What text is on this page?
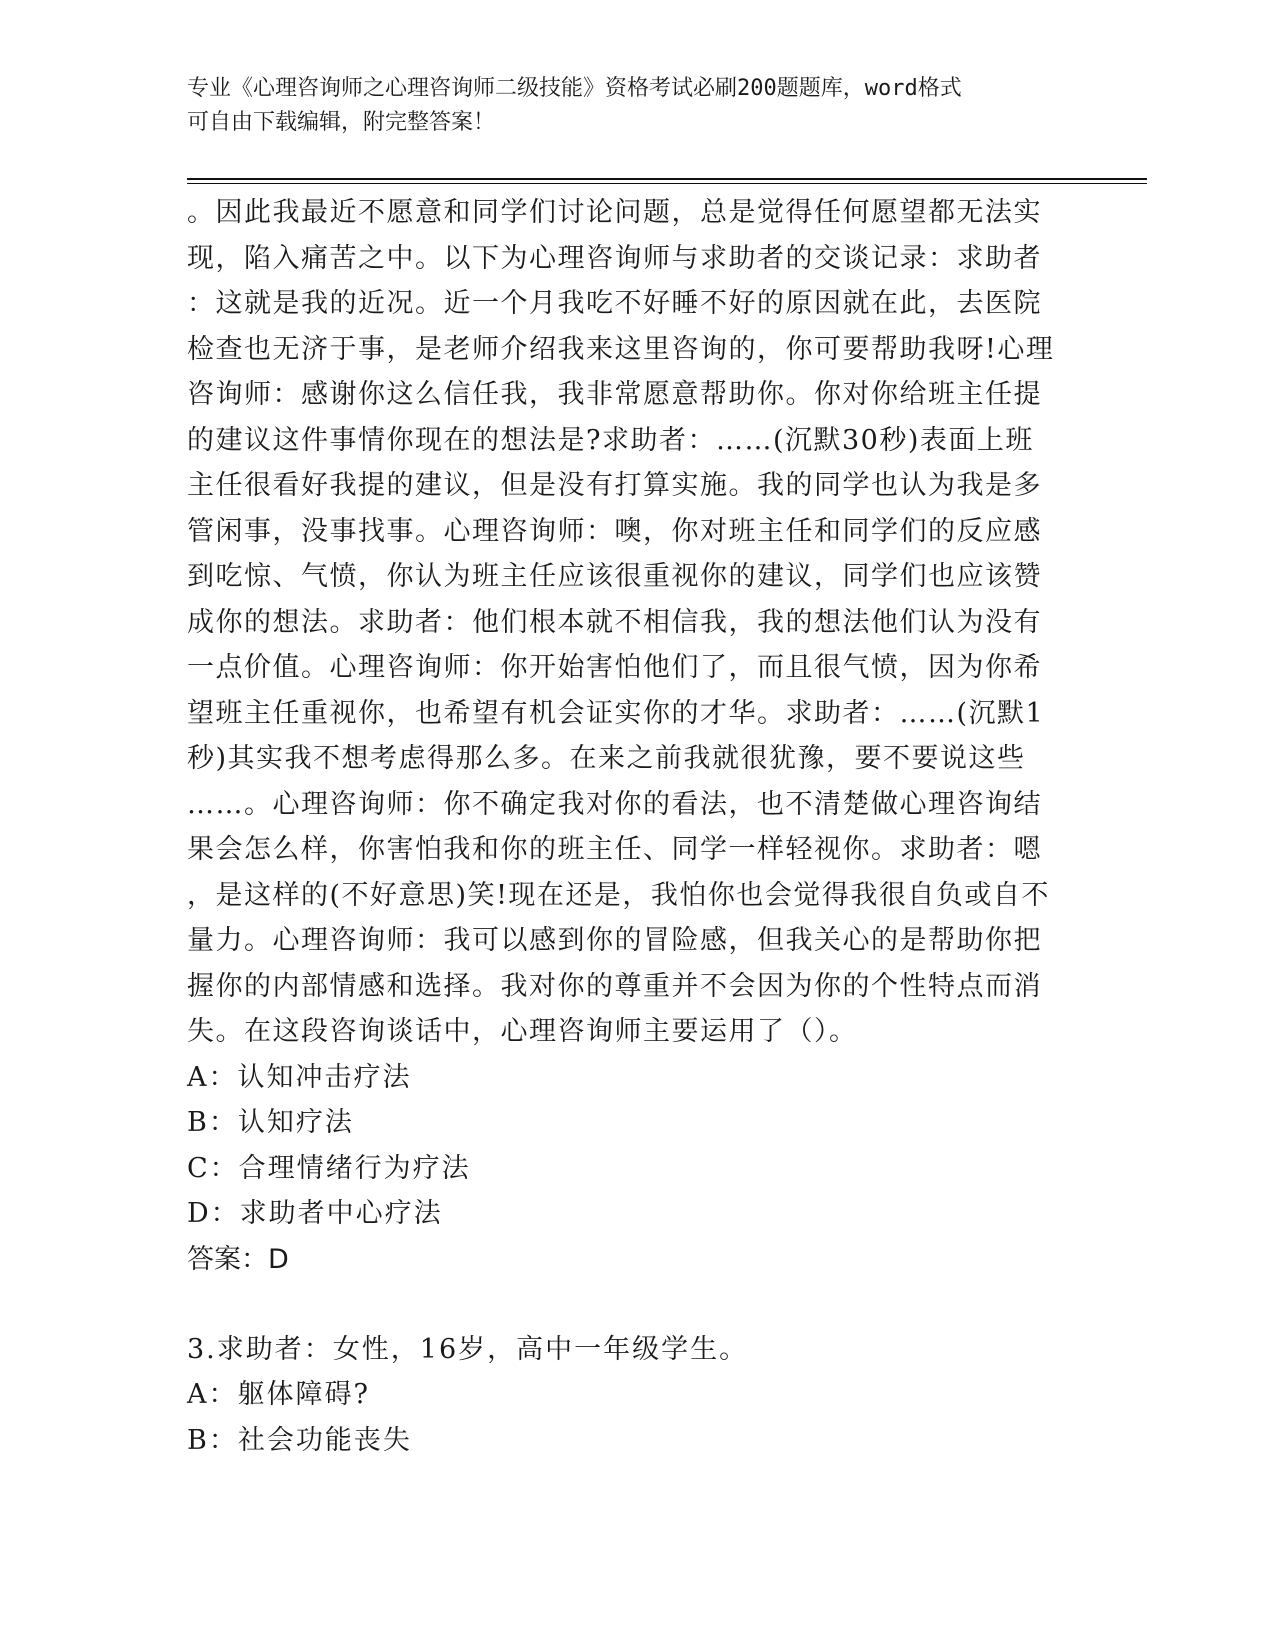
专业《心理咨询师之心理咨询师二级技能》资格考试必刷200题题库，word格式
可自由下载编辑，附完整答案！
。因此我最近不愿意和同学们讨论问题，总是觉得任何愿望都无法实
现，陷入痛苦之中。以下为心理咨询师与求助者的交谈记录：求助者
：这就是我的近况。近一个月我吃不好睡不好的原因就在此，去医院
检查也无济于事，是老师介绍我来这里咨询的，你可要帮助我呀!心理
咨询师：感谢你这么信任我，我非常愿意帮助你。你对你给班主任提
的建议这件事情你现在的想法是?求助者：……(沉默30秒)表面上班
主任很看好我提的建议，但是没有打算实施。我的同学也认为我是多
管闲事，没事找事。心理咨询师：噢，你对班主任和同学们的反应感
到吃惊、气愤，你认为班主任应该很重视你的建议，同学们也应该赞
成你的想法。求助者：他们根本就不相信我，我的想法他们认为没有
一点价值。心理咨询师：你开始害怕他们了，而且很气愤，因为你希
望班主任重视你，也希望有机会证实你的才华。求助者：……(沉默1
秒)其实我不想考虑得那么多。在来之前我就很犹豫，要不要说这些
……。心理咨询师：你不确定我对你的看法，也不清楚做心理咨询结
果会怎么样，你害怕我和你的班主任、同学一样轻视你。求助者：嗯
，是这样的(不好意思)笑!现在还是，我怕你也会觉得我很自负或自不
量力。心理咨询师：我可以感到你的冒险感，但我关心的是帮助你把
握你的内部情感和选择。我对你的尊重并不会因为你的个性特点而消
失。在这段咨询谈话中，心理咨询师主要运用了（）。

A：认知冲击疗法

B：认知疗法

C：合理情绪行为疗法

D：求助者中心疗法

答案：D

3.求助者：女性，16岁，高中一年级学生。

A：躯体障碍?

B：社会功能丧失
